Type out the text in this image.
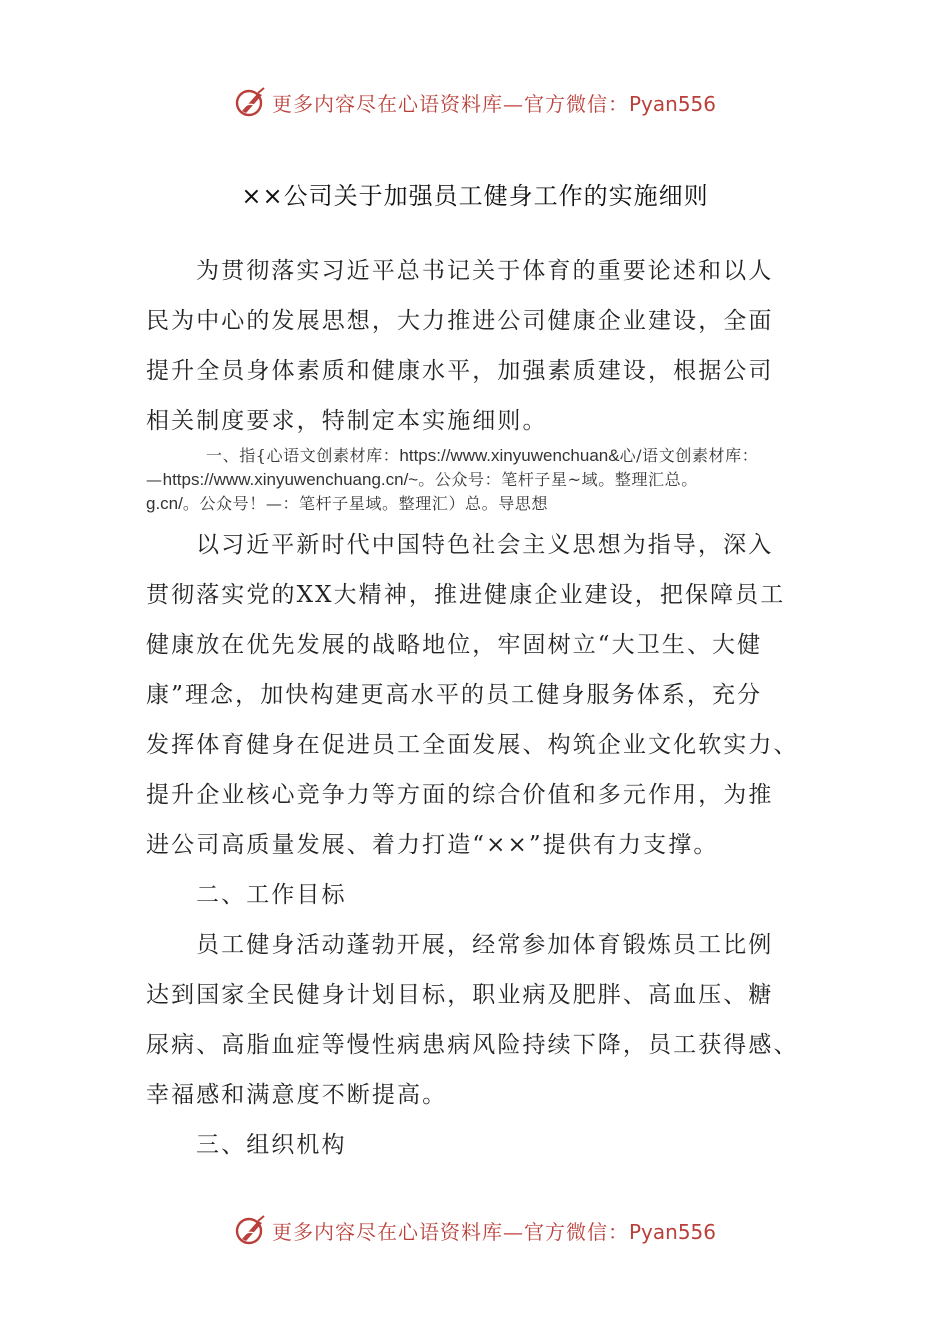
更多内容尽在心语资料库—官方微信：Pyan556
××公司关于加强员工健身工作的实施细则
为贯彻落实习近平总书记关于体育的重要论述和以人
民为中心的发展思想，大力推进公司健康企业建设，全面
提升全员身体素质和健康水平，加强素质建设，根据公司
相关制度要求，特制定本实施细则。
一、指{心语文创素材库：https://www.xinyuwenchuan&心/语文创素材库：
—https://www.xinyuwenchuang.cn/~。公众号：笔杆子星~域。整理汇总。
g.cn/。公众号！—：笔杆子星域。整理汇）总。导思想
以习近平新时代中国特色社会主义思想为指导，深入
贯彻落实党的XX大精神，推进健康企业建设，把保障员工
健康放在优先发展的战略地位，牢固树立“大卫生、大健
康”理念，加快构建更高水平的员工健身服务体系，充分
发挥体育健身在促进员工全面发展、构筑企业文化软实力、
提升企业核心竞争力等方面的综合价值和多元作用，为推
进公司高质量发展、着力打造“××”提供有力支撑。
二、工作目标
员工健身活动蓬勃开展，经常参加体育锻炼员工比例
达到国家全民健身计划目标，职业病及肥胖、高血压、糖
尿病、高脂血症等慢性病患病风险持续下降，员工获得感、
幸福感和满意度不断提高。
三、组织机构
更多内容尽在心语资料库—官方微信：Pyan556
